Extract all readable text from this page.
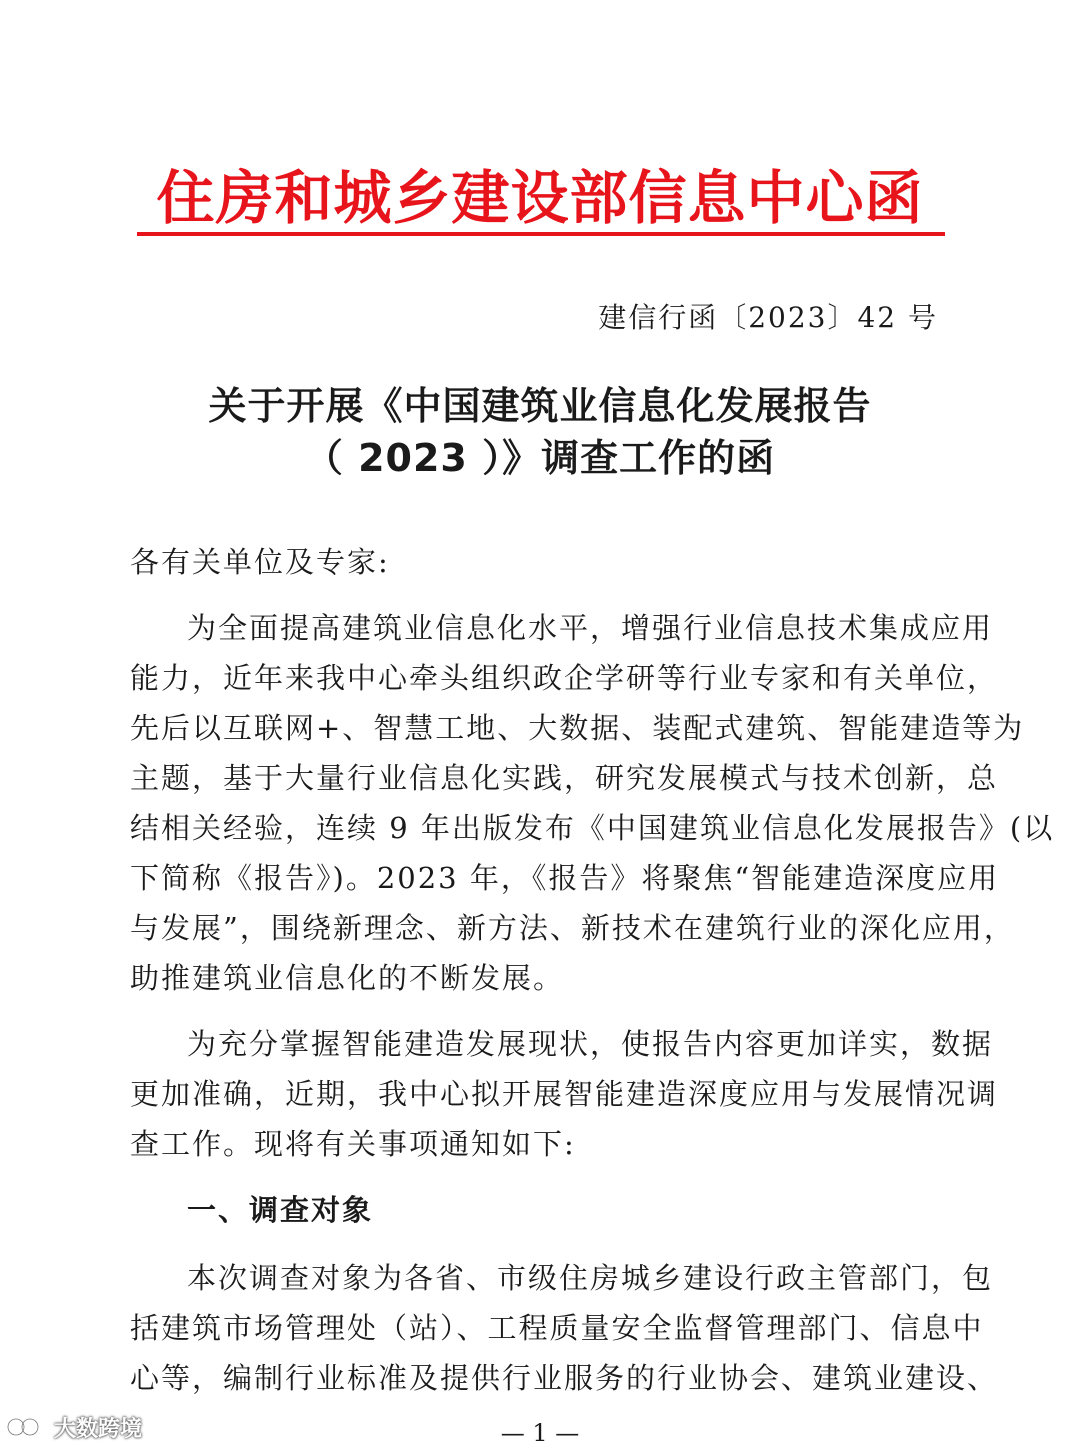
住房和城乡建设部信息中心函
建信行函〔2023〕42 号
关于开展《中国建筑业信息化发展报告
（ 2023 ）》调查工作的函
各有关单位及专家:
为全面提高建筑业信息化水平，增强行业信息技术集成应用
能力，近年来我中心牵头组织政企学研等行业专家和有关单位，
先后以互联网+、智慧工地、大数据、装配式建筑、智能建造等为
主题，基于大量行业信息化实践，研究发展模式与技术创新，总
结相关经验，连续 9 年出版发布《中国建筑业信息化发展报告》(以
下简称《报告》)。2023 年，《报告》将聚焦“智能建造深度应用
与发展”，围绕新理念、新方法、新技术在建筑行业的深化应用，
助推建筑业信息化的不断发展。
为充分掌握智能建造发展现状，使报告内容更加详实，数据
更加准确，近期，我中心拟开展智能建造深度应用与发展情况调
查工作。现将有关事项通知如下:
一、调查对象
本次调查对象为各省、市级住房城乡建设行政主管部门，包
括建筑市场管理处（站）、工程质量安全监督管理部门、信息中
心等，编制行业标准及提供行业服务的行业协会、建筑业建设、
— 1 —
大数跨境
